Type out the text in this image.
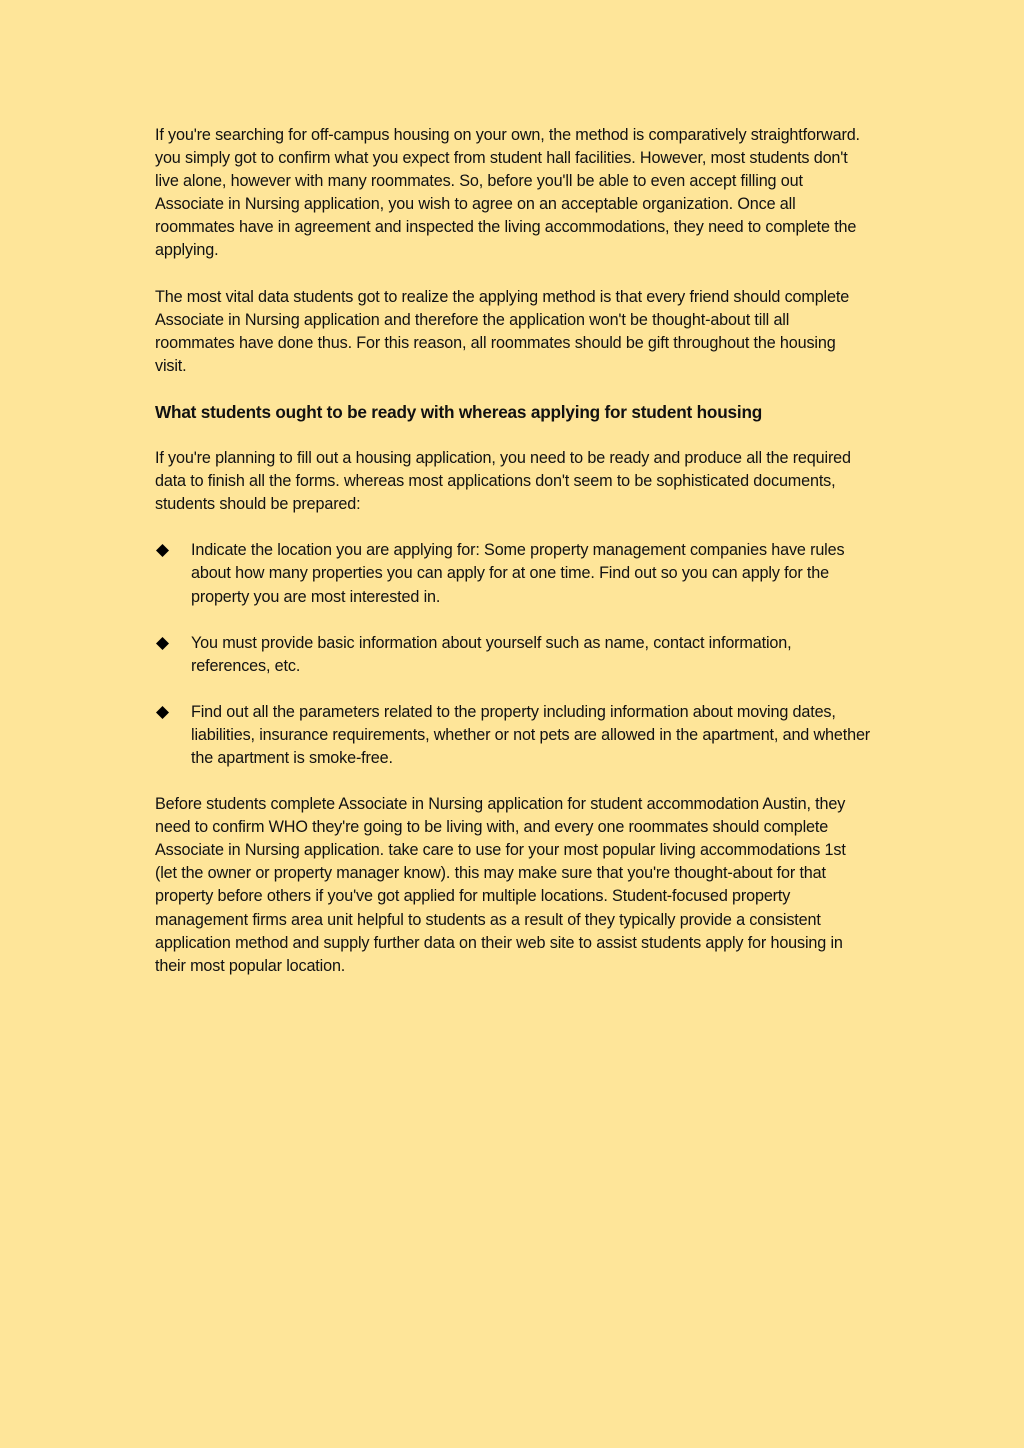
If you're searching for off-campus housing on your own, the method is comparatively straightforward. you simply got to confirm what you expect from student hall facilities. However, most students don't live alone, however with many roommates. So, before you'll be able to even accept filling out Associate in Nursing application, you wish to agree on an acceptable organization. Once all roommates have in agreement and inspected the living accommodations, they need to complete the applying.

The most vital data students got to realize the applying method is that every friend should complete Associate in Nursing application and therefore the application won't be thought-about till all roommates have done thus. For this reason, all roommates should be gift throughout the housing visit.

What students ought to be ready with whereas applying for student housing

If you're planning to fill out a housing application, you need to be ready and produce all the required data to finish all the forms. whereas most applications don't seem to be sophisticated documents, students should be prepared:

Indicate the location you are applying for: Some property management companies have rules about how many properties you can apply for at one time. Find out so you can apply for the property you are most interested in.
You must provide basic information about yourself such as name, contact information, references, etc.
Find out all the parameters related to the property including information about moving dates, liabilities, insurance requirements, whether or not pets are allowed in the apartment, and whether the apartment is smoke-free.

Before students complete Associate in Nursing application for student accommodation Austin, they need to confirm WHO they're going to be living with, and every one roommates should complete Associate in Nursing application. take care to use for your most popular living accommodations 1st (let the owner or property manager know). this may make sure that you're thought-about for that property before others if you've got applied for multiple locations. Student-focused property management firms area unit helpful to students as a result of they typically provide a consistent application method and supply further data on their web site to assist students apply for housing in their most popular location.
